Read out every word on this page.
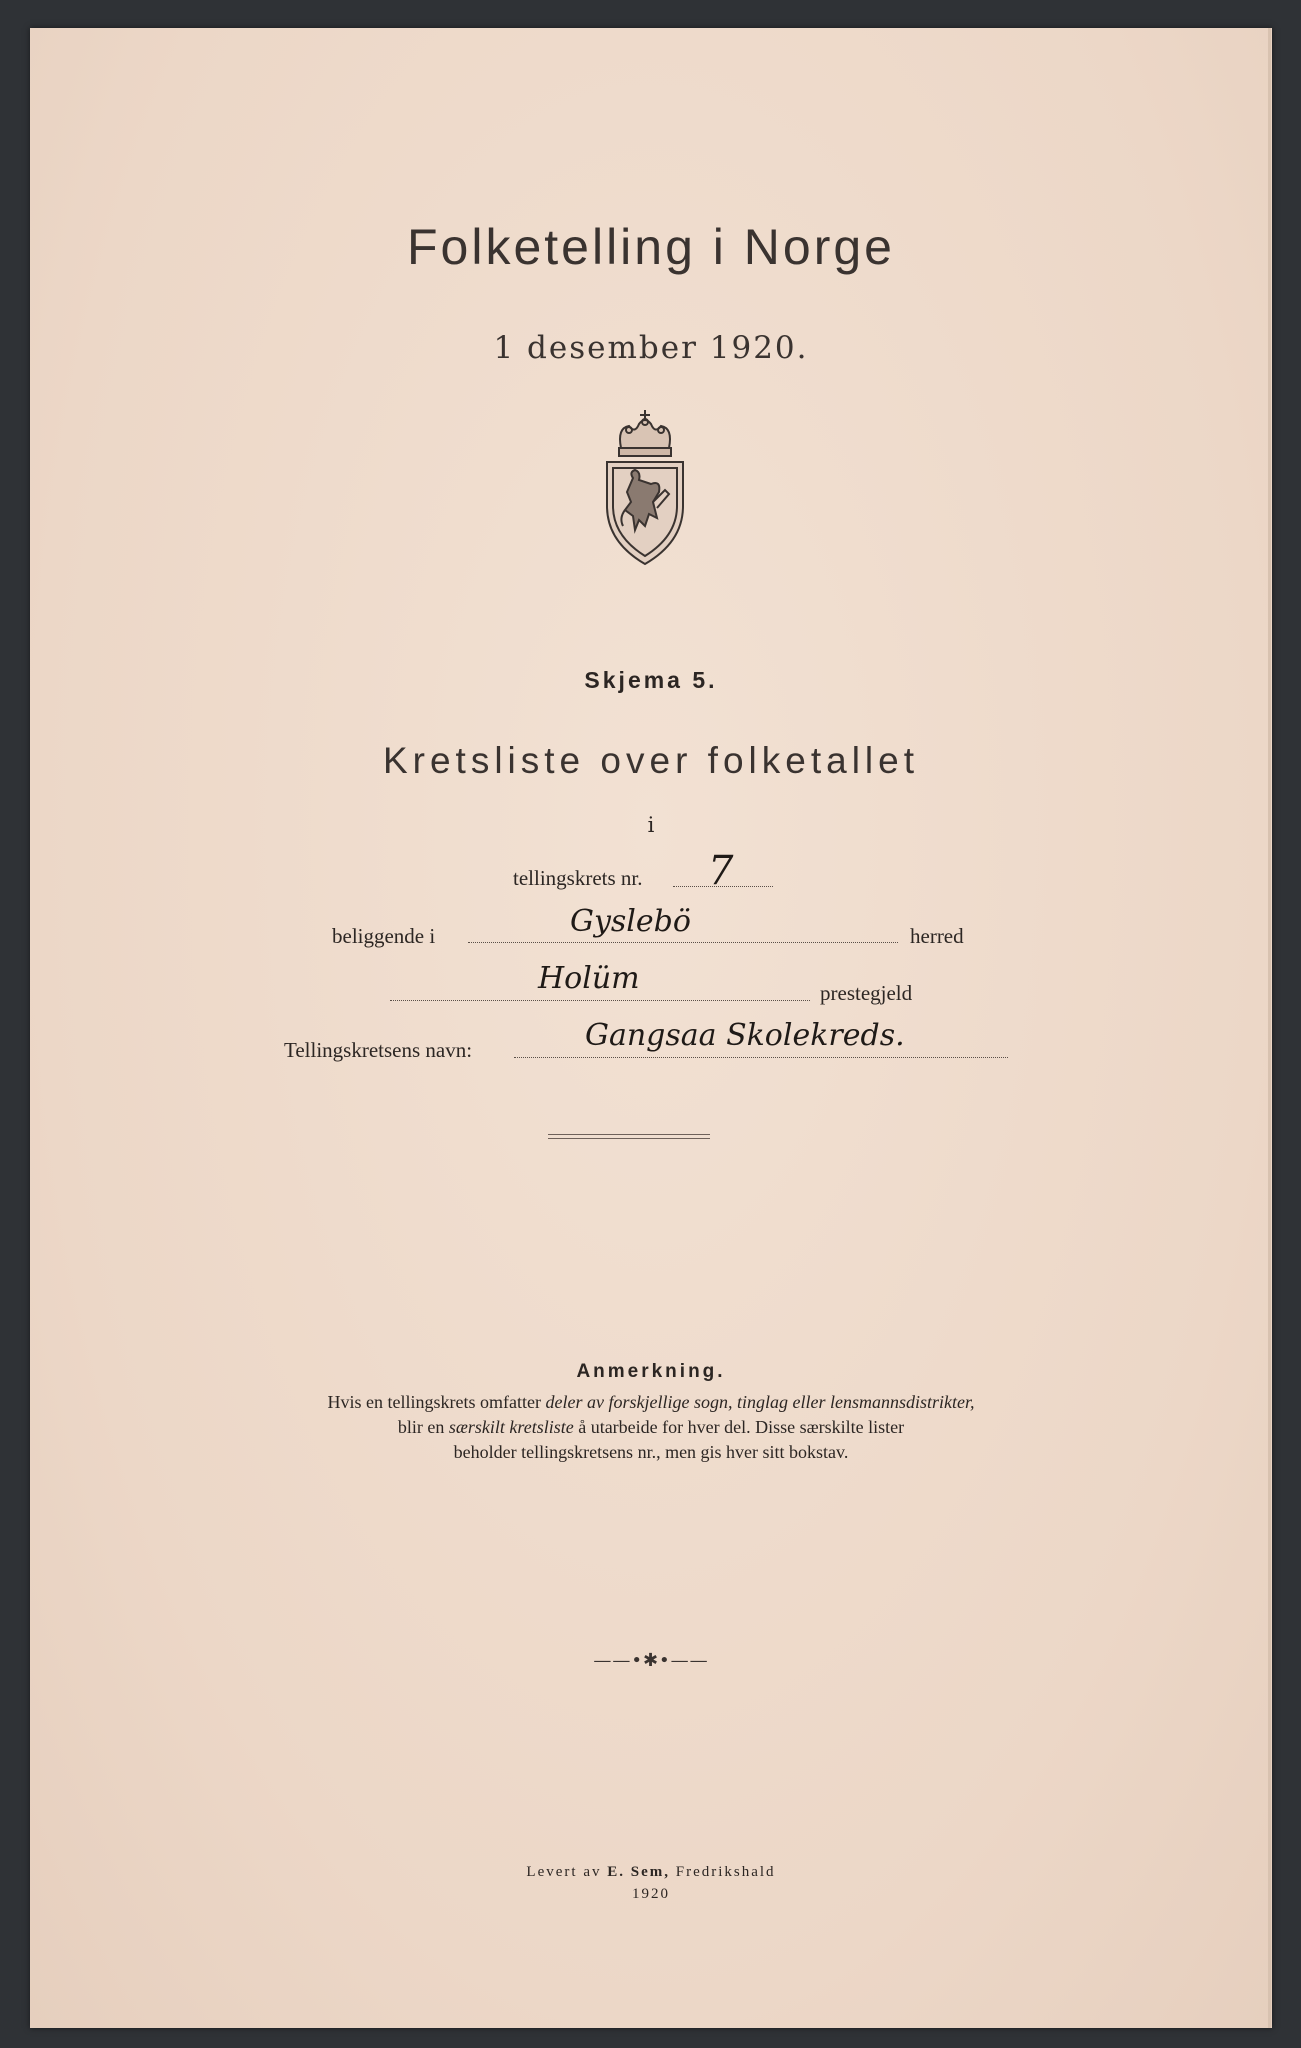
Folketelling i Norge
1 desember 1920.
Skjema 5.
Kretsliste over folketallet
i
tellingskrets nr. 7
beliggende i	Gyslebö	herred
Holüm	prestegjeld
Tellingskretsens navn:	Gangsaa Skolekreds.
Anmerkning.
Hvis en tellingskrets omfatter deler av forskjellige sogn, tinglag eller lensmannsdistrikter,
blir en særskilt kretsliste å utarbeide for hver del. Disse særskilte lister
beholder tellingskretsens nr., men gis hver sitt bokstav.
——•✱•——
Levert av E. Sem, Fredrikshald
1920
